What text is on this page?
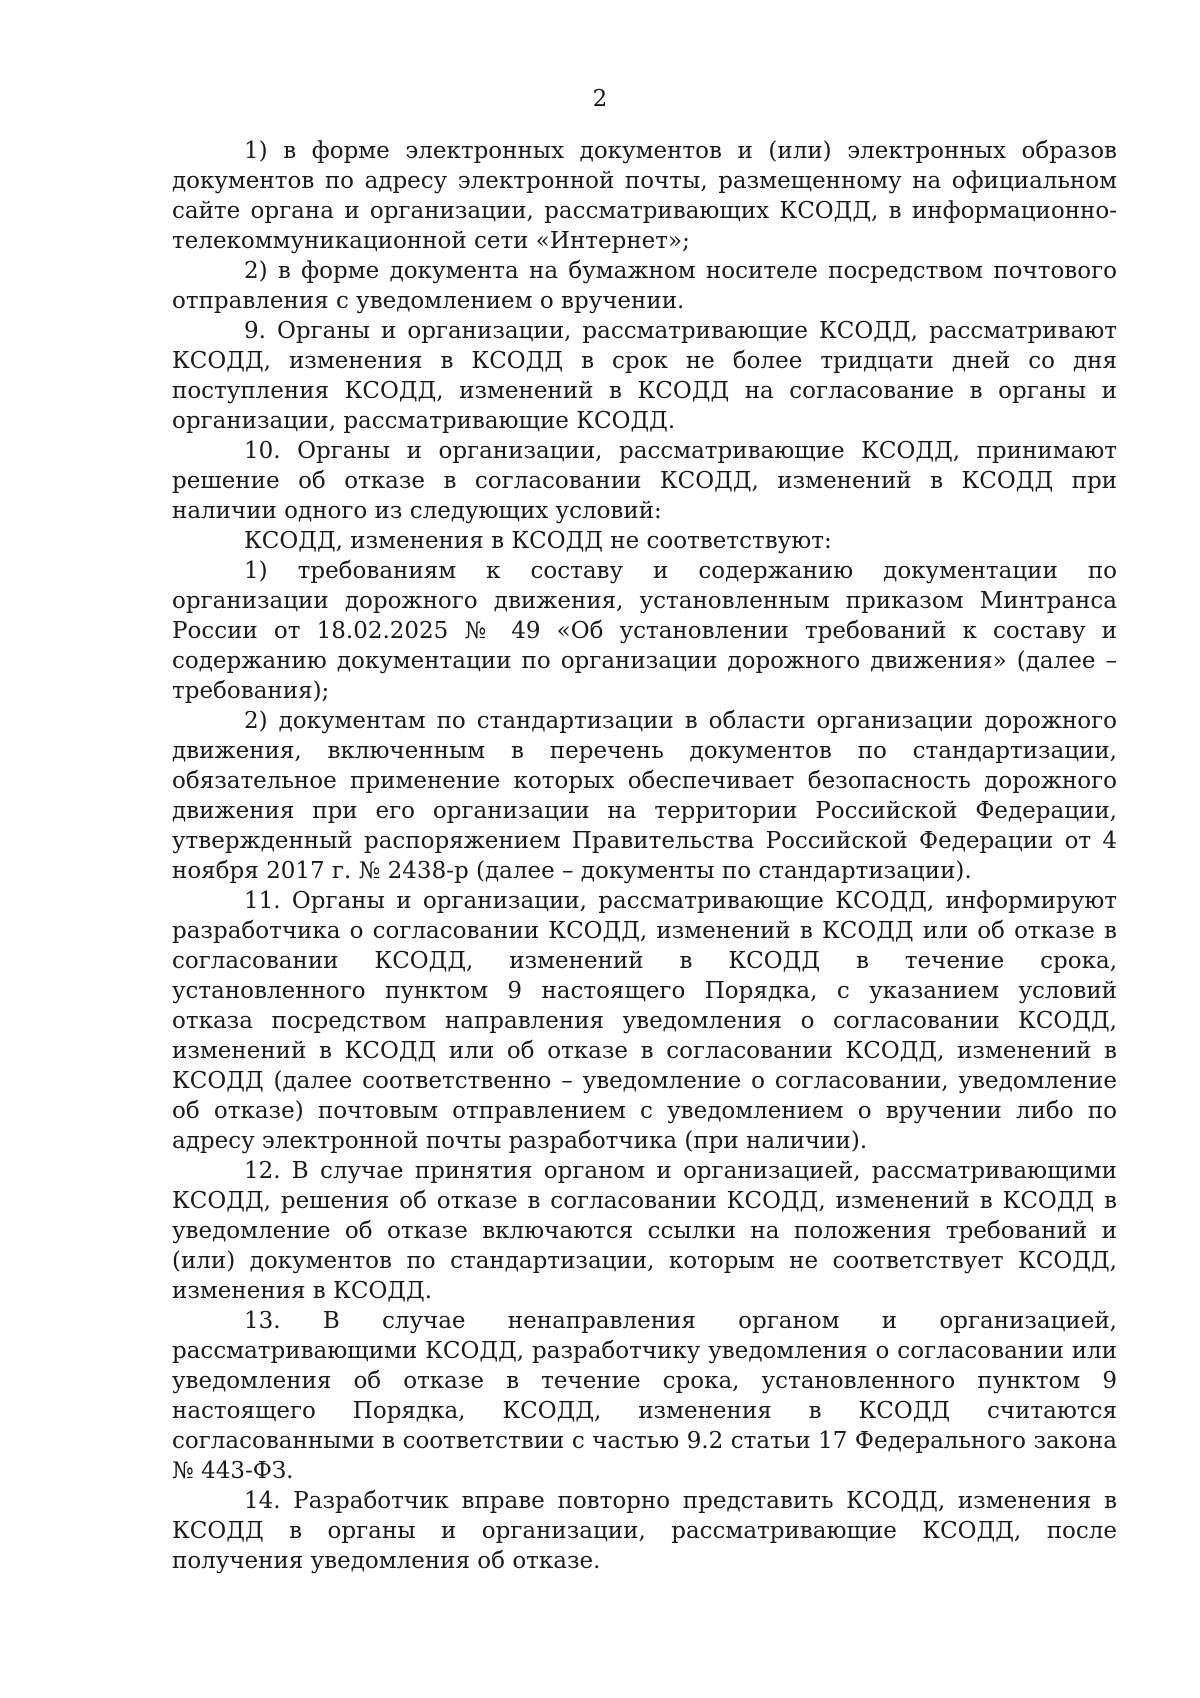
2

1) в форме электронных документов и (или) электронных образов документов по адресу электронной почты, размещенному на официальном сайте органа и организации, рассматривающих КСОДД, в информационно-телекоммуникационной сети «Интернет»;

2) в форме документа на бумажном носителе посредством почтового отправления с уведомлением о вручении.

9. Органы и организации, рассматривающие КСОДД, рассматривают КСОДД, изменения в КСОДД в срок не более тридцати дней со дня поступления КСОДД, изменений в КСОДД на согласование в органы и организации, рассматривающие КСОДД.

10. Органы и организации, рассматривающие КСОДД, принимают решение об отказе в согласовании КСОДД, изменений в КСОДД при наличии одного из следующих условий:

КСОДД, изменения в КСОДД не соответствуют:

1) требованиям к составу и содержанию документации по организации дорожного движения, установленным приказом Минтранса России от 18.02.2025 № 49 «Об установлении требований к составу и содержанию документации по организации дорожного движения» (далее – требования);

2) документам по стандартизации в области организации дорожного движения, включенным в перечень документов по стандартизации, обязательное применение которых обеспечивает безопасность дорожного движения при его организации на территории Российской Федерации, утвержденный распоряжением Правительства Российской Федерации от 4 ноября 2017 г. № 2438-р (далее – документы по стандартизации).

11. Органы и организации, рассматривающие КСОДД, информируют разработчика о согласовании КСОДД, изменений в КСОДД или об отказе в согласовании КСОДД, изменений в КСОДД в течение срока, установленного пунктом 9 настоящего Порядка, с указанием условий отказа посредством направления уведомления о согласовании КСОДД, изменений в КСОДД или об отказе в согласовании КСОДД, изменений в КСОДД (далее соответственно – уведомление о согласовании, уведомление об отказе) почтовым отправлением с уведомлением о вручении либо по адресу электронной почты разработчика (при наличии).

12. В случае принятия органом и организацией, рассматривающими КСОДД, решения об отказе в согласовании КСОДД, изменений в КСОДД в уведомление об отказе включаются ссылки на положения требований и (или) документов по стандартизации, которым не соответствует КСОДД, изменения в КСОДД.

13. В случае ненаправления органом и организацией, рассматривающими КСОДД, разработчику уведомления о согласовании или уведомления об отказе в течение срока, установленного пунктом 9 настоящего Порядка, КСОДД, изменения в КСОДД считаются согласованными в соответствии с частью 9.2 статьи 17 Федерального закона № 443-ФЗ.

14. Разработчик вправе повторно представить КСОДД, изменения в КСОДД в органы и организации, рассматривающие КСОДД, после получения уведомления об отказе.
